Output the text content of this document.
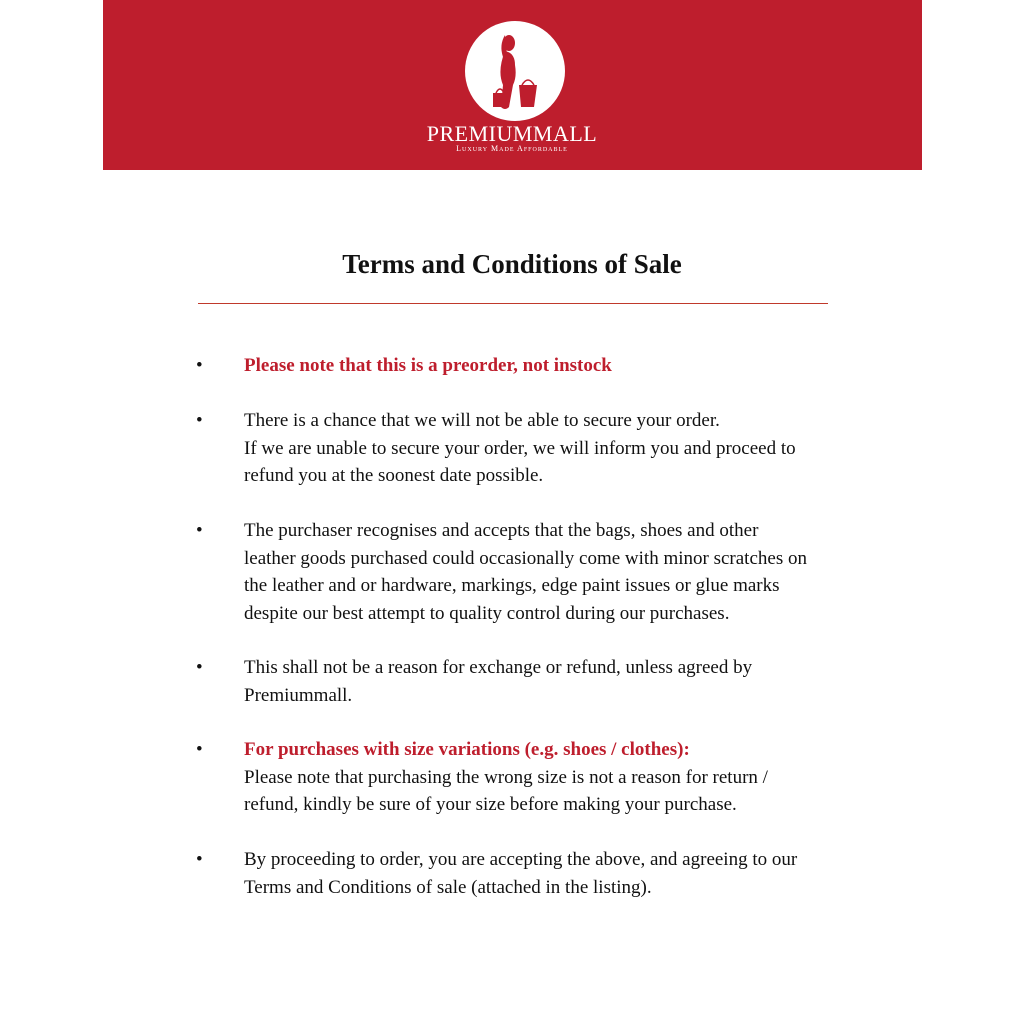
PREMIUMMALL
Luxury Made Affordable
Terms and Conditions of Sale
• Please note that this is a preorder, not instock
• There is a chance that we will not be able to secure your order.
If we are unable to secure your order, we will inform you and proceed to
refund you at the soonest date possible.
• The purchaser recognises and accepts that the bags, shoes and other
leather goods purchased could occasionally come with minor scratches on
the leather and or hardware, markings, edge paint issues or glue marks
despite our best attempt to quality control during our purchases.
• This shall not be a reason for exchange or refund, unless agreed by
Premiummall.
• For purchases with size variations (e.g. shoes / clothes):
Please note that purchasing the wrong size is not a reason for return /
refund, kindly be sure of your size before making your purchase.
• By proceeding to order, you are accepting the above, and agreeing to our
Terms and Conditions of sale (attached in the listing).
